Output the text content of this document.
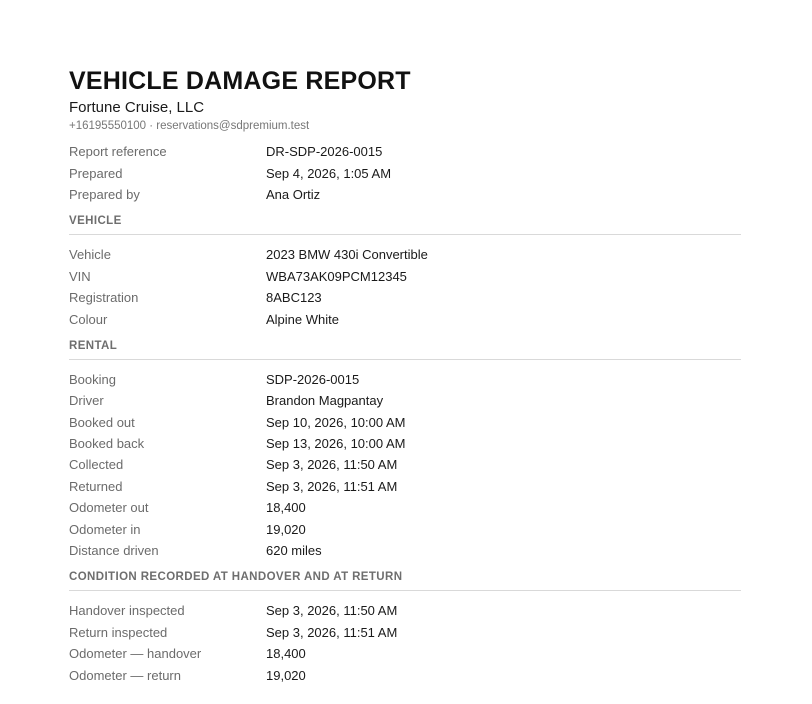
VEHICLE DAMAGE REPORT
Fortune Cruise, LLC
+16195550100 · reservations@sdpremium.test
Report reference	DR-SDP-2026-0015
Prepared	Sep 4, 2026, 1:05 AM
Prepared by	Ana Ortiz
VEHICLE
Vehicle	2023 BMW 430i Convertible
VIN	WBA73AK09PCM12345
Registration	8ABC123
Colour	Alpine White
RENTAL
Booking	SDP-2026-0015
Driver	Brandon Magpantay
Booked out	Sep 10, 2026, 10:00 AM
Booked back	Sep 13, 2026, 10:00 AM
Collected	Sep 3, 2026, 11:50 AM
Returned	Sep 3, 2026, 11:51 AM
Odometer out	18,400
Odometer in	19,020
Distance driven	620 miles
CONDITION RECORDED AT HANDOVER AND AT RETURN
Handover inspected	Sep 3, 2026, 11:50 AM
Return inspected	Sep 3, 2026, 11:51 AM
Odometer — handover	18,400
Odometer — return	19,020
